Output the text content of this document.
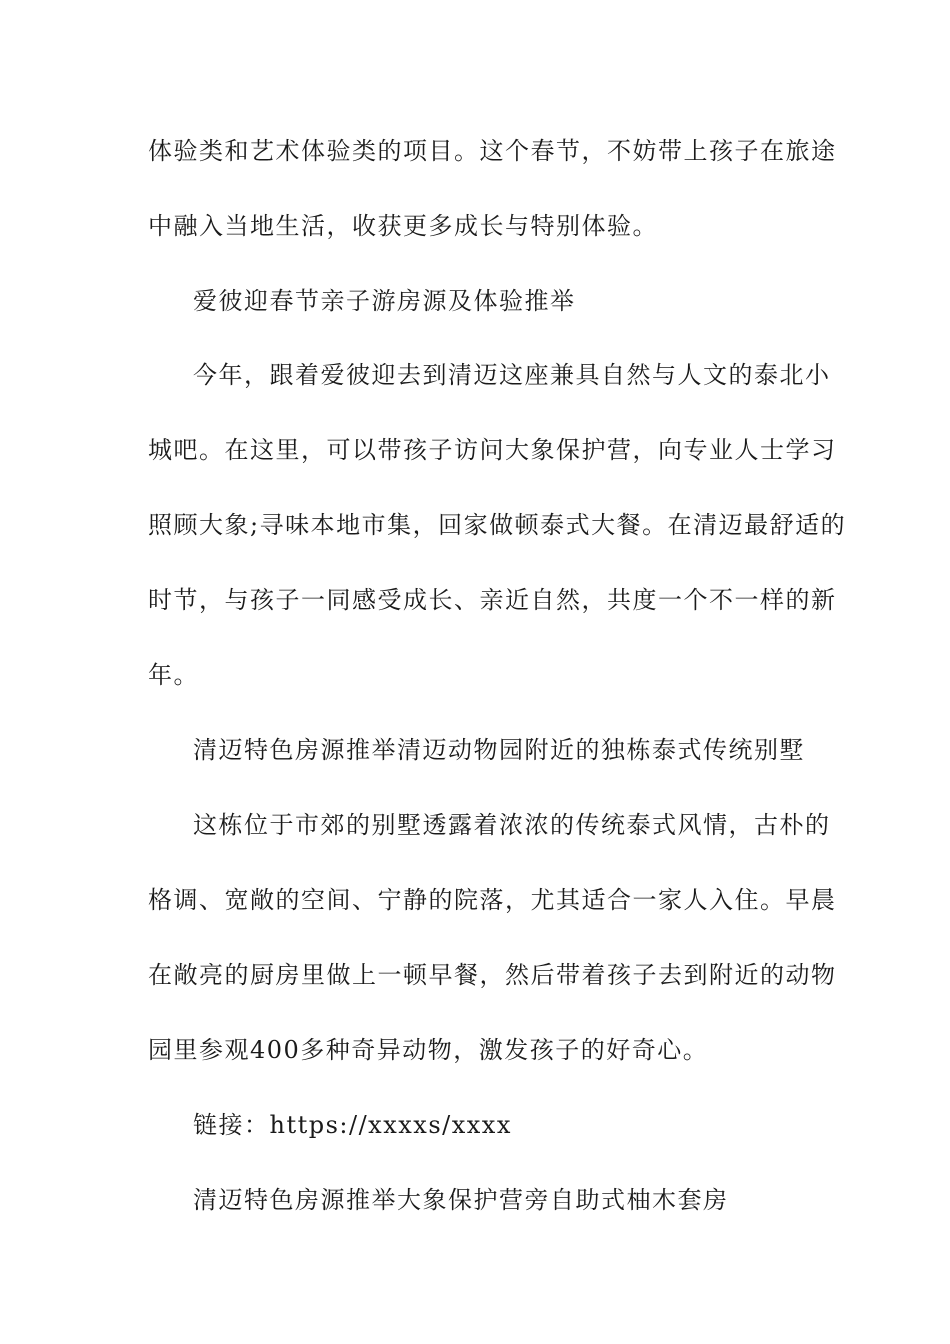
体验类和艺术体验类的项目。这个春节，不妨带上孩子在旅途
中融入当地生活，收获更多成长与特别体验。
爱彼迎春节亲子游房源及体验推举
今年，跟着爱彼迎去到清迈这座兼具自然与人文的泰北小
城吧。在这里，可以带孩子访问大象保护营，向专业人士学习
照顾大象;寻味本地市集，回家做顿泰式大餐。在清迈最舒适的
时节，与孩子一同感受成长、亲近自然，共度一个不一样的新
年。
清迈特色房源推举清迈动物园附近的独栋泰式传统别墅
这栋位于市郊的别墅透露着浓浓的传统泰式风情，古朴的
格调、宽敞的空间、宁静的院落，尤其适合一家人入住。早晨
在敞亮的厨房里做上一顿早餐，然后带着孩子去到附近的动物
园里参观400多种奇异动物，激发孩子的好奇心。
链接：https://xxxxs/xxxx
清迈特色房源推举大象保护营旁自助式柚木套房
